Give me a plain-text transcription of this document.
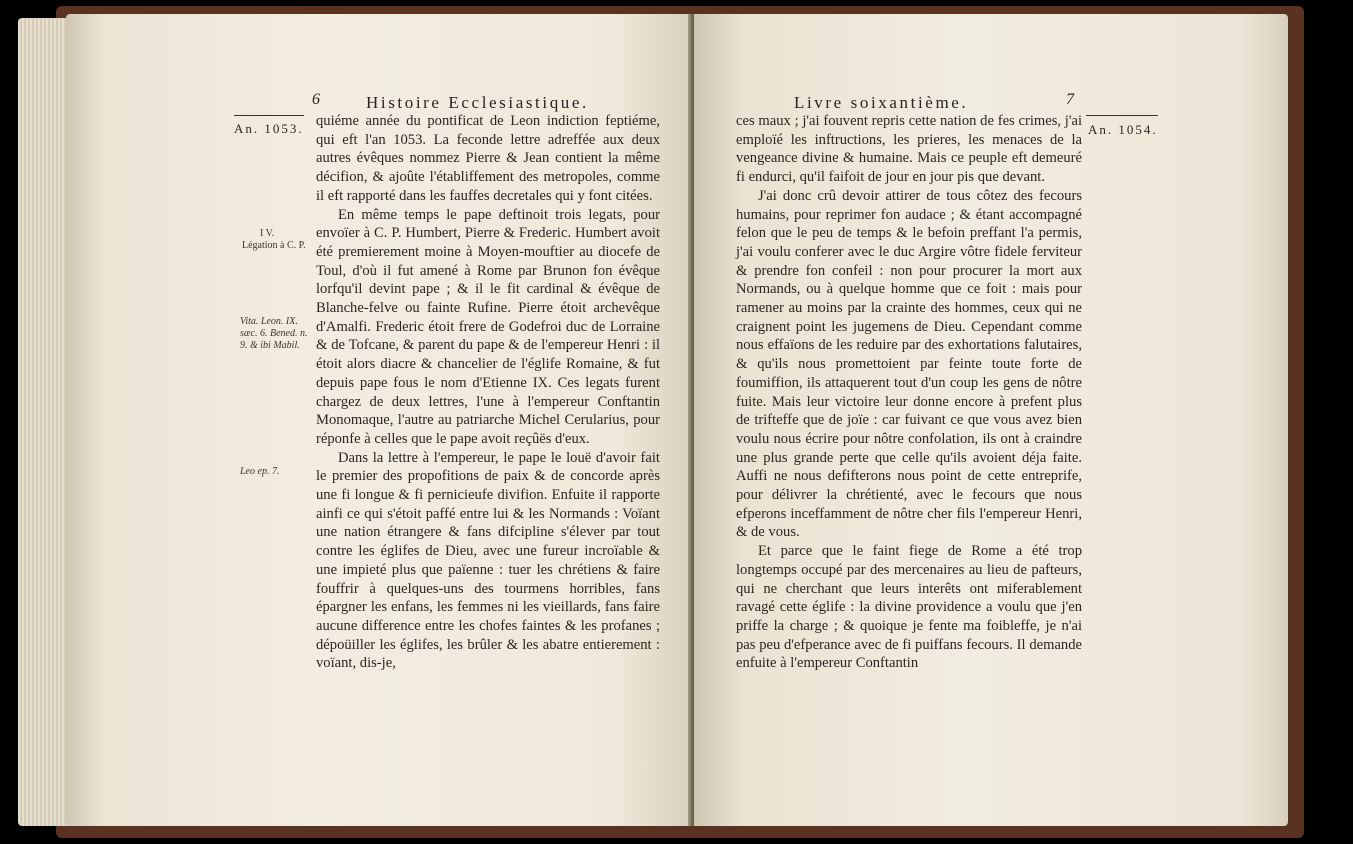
6	Histoire Ecclesiastique.
An. 1053.
I V.
Légation à C. P.
Vita. Leon. IX. sæc. 6. Bened. n. 9. & ibi Mabil.
Leo ep. 7.

quiéme année du pontificat de Leon indiction feptiéme, qui eft l'an 1053. La feconde lettre adreffée aux deux autres évêques nommez Pierre & Jean contient la même décifion, & ajoûte l'établiffement des metropoles, comme il eft rapporté dans les fauffes decretales qui y font citées.

En même temps le pape deftinoit trois legats, pour envoïer à C. P. Humbert, Pierre & Frederic. Humbert avoit été premierement moine à Moyen-mouftier au diocefe de Toul, d'où il fut amené à Rome par Brunon fon évêque lorfqu'il devint pape ; & il le fit cardinal & évêque de Blanche-felve ou fainte Rufine. Pierre étoit archevêque d'Amalfi. Frederic étoit frere de Godefroi duc de Lorraine & de Tofcane, & parent du pape & de l'empereur Henri : il étoit alors diacre & chancelier de l'églife Romaine, & fut depuis pape fous le nom d'Etienne IX. Ces legats furent chargez de deux lettres, l'une à l'empereur Conftantin Monomaque, l'autre au patriarche Michel Cerularius, pour réponfe à celles que le pape avoit reçûës d'eux.

Dans la lettre à l'empereur, le pape le louë d'avoir fait le premier des propofitions de paix & de concorde après une fi longue & fi pernicieufe divifion. Enfuite il rapporte ainfi ce qui s'étoit paffé entre lui & les Normands : Voïant une nation étrangere & fans difcipline s'élever par tout contre les églifes de Dieu, avec une fureur incroïable & une impieté plus que païenne : tuer les chrétiens & faire fouffrir à quelques-uns des tourmens horribles, fans épargner les enfans, les femmes ni les vieillards, fans faire aucune difference entre les chofes faintes & les profanes ; dépoüiller les églifes, les brûler & les abatre entierement : voïant, dis-je,

Livre soixantième.	7
An. 1054.

ces maux ; j'ai fouvent repris cette nation de fes crimes, j'ai emploïé les inftructions, les prieres, les menaces de la vengeance divine & humaine. Mais ce peuple eft demeuré fi endurci, qu'il faifoit de jour en jour pis que devant.

J'ai donc crû devoir attirer de tous côtez des fecours humains, pour reprimer fon audace ; & étant accompagné felon que le peu de temps & le befoin preffant l'a permis, j'ai voulu conferer avec le duc Argire vôtre fidele ferviteur & prendre fon confeil : non pour procurer la mort aux Normands, ou à quelque homme que ce foit : mais pour ramener au moins par la crainte des hommes, ceux qui ne craignent point les jugemens de Dieu. Cependant comme nous effaïons de les reduire par des exhortations falutaires, & qu'ils nous promettoient par feinte toute forte de foumiffion, ils attaquerent tout d'un coup les gens de nôtre fuite. Mais leur victoire leur donne encore à prefent plus de trifteffe que de joïe : car fuivant ce que vous avez bien voulu nous écrire pour nôtre confolation, ils ont à craindre une plus grande perte que celle qu'ils avoient déja faite. Auffi ne nous defifterons nous point de cette entreprife, pour délivrer la chrétienté, avec le fecours que nous efperons inceffamment de nôtre cher fils l'empereur Henri, & de vous.

Et parce que le faint fiege de Rome a été trop longtemps occupé par des mercenaires au lieu de pafteurs, qui ne cherchant que leurs interêts ont miferablement ravagé cette églife : la divine providence a voulu que j'en priffe la charge ; & quoique je fente ma foibleffe, je n'ai pas peu d'efperance avec de fi puiffans fecours. Il demande enfuite à l'empereur Conftantin
